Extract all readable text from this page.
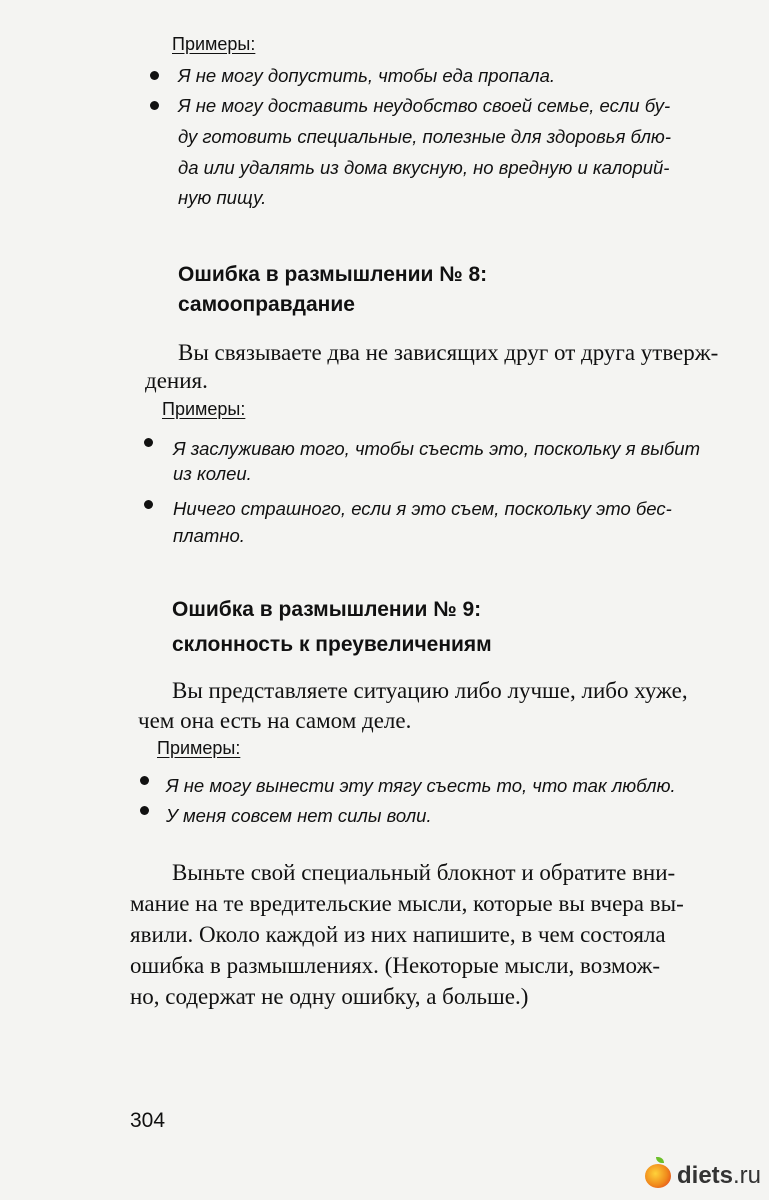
Примеры:
Я не могу допустить, чтобы еда пропала.
Я не могу доставить неудобство своей семье, если бу-
ду готовить специальные, полезные для здоровья блю-
да или удалять из дома вкусную, но вредную и калорий-
ную пищу.
Ошибка в размышлении № 8:
самооправдание
Вы связываете два не зависящих друг от друга утверж-
дения.
Примеры:
Я заслуживаю того, чтобы съесть это, поскольку я выбит
из колеи.
Ничего страшного, если я это съем, поскольку это бес-
платно.
Ошибка в размышлении № 9:
склонность к преувеличениям
Вы представляете ситуацию либо лучше, либо хуже,
чем она есть на самом деле.
Примеры:
Я не могу вынести эту тягу съесть то, что так люблю.
У меня совсем нет силы воли.
Выньте свой специальный блокнот и обратите вни-
мание на те вредительские мысли, которые вы вчера вы-
явили. Около каждой из них напишите, в чем состояла
ошибка в размышлениях. (Некоторые мысли, возмож-
но, содержат не одну ошибку, а больше.)
304
diets.ru
